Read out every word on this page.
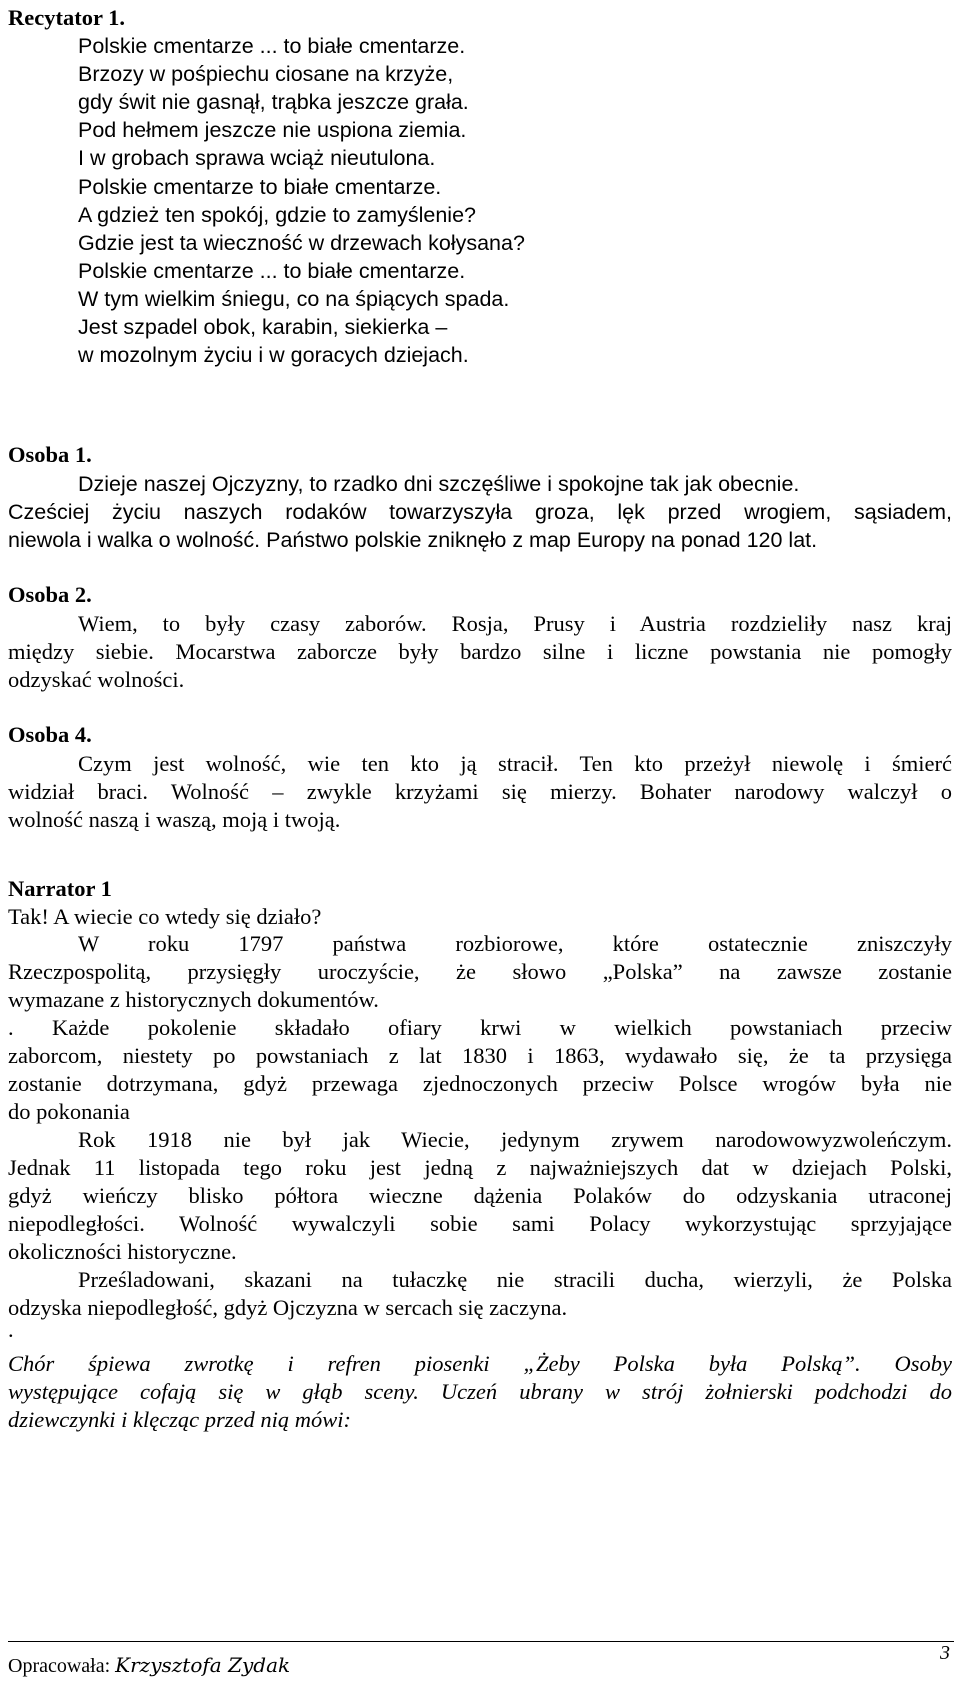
Recytator 1.
Polskie cmentarze ... to białe cmentarze.
Brzozy w pośpiechu ciosane na krzyże,
gdy świt nie gasnął, trąbka jeszcze grała.
Pod hełmem jeszcze nie uspiona ziemia.
I w grobach sprawa wciąż nieutulona.
Polskie cmentarze to białe cmentarze.
A gdzież ten spokój, gdzie to zamyślenie?
Gdzie jest ta wieczność w drzewach kołysana?
Polskie cmentarze ... to białe cmentarze.
W tym wielkim śniegu, co na śpiących spada.
Jest szpadel obok, karabin, siekierka –
w mozolnym życiu i w goracych dziejach.
Osoba 1.
Dzieje naszej Ojczyzny, to rzadko dni szczęśliwe i spokojne tak jak obecnie.
Cześciej życiu naszych rodaków towarzyszyła groza, lęk przed wrogiem, sąsiadem,
niewola i walka o wolność. Państwo polskie zniknęło z map Europy na ponad 120 lat.
Osoba 2.
Wiem, to były czasy zaborów. Rosja, Prusy i Austria rozdzieliły nasz kraj
między siebie. Mocarstwa zaborcze były bardzo silne i liczne powstania nie pomogły
odzyskać wolności.
Osoba 4.
Czym jest wolność, wie ten kto ją stracił. Ten kto przeżył niewolę i śmierć
widział braci. Wolność – zwykle krzyżami się mierzy. Bohater narodowy walczył o
wolność naszą i waszą, moją i twoją.
Narrator 1
Tak! A wiecie co wtedy się działo?
W roku 1797 państwa rozbiorowe, które ostatecznie zniszczyły
Rzeczpospolitą, przysięgły uroczyście, że słowo „Polska” na zawsze zostanie
wymazane z historycznych dokumentów.
. Każde pokolenie składało ofiary krwi w wielkich powstaniach przeciw
zaborcom, niestety po powstaniach z lat 1830 i 1863, wydawało się, że ta przysięga
zostanie dotrzymana, gdyż przewaga zjednoczonych przeciw Polsce wrogów była nie
do pokonania
Rok 1918 nie był jak Wiecie, jedynym zrywem narodowowyzwoleńczym.
Jednak 11 listopada tego roku jest jedną z najważniejszych dat w dziejach Polski,
gdyż wieńczy blisko półtora wieczne dążenia Polaków do odzyskania utraconej
niepodległości. Wolność wywalczyli sobie sami Polacy wykorzystując sprzyjające
okoliczności historyczne.
Prześladowani, skazani na tułaczkę nie stracili ducha, wierzyli, że Polska
odzyska niepodległość, gdyż Ojczyzna w sercach się zaczyna.
.
Chór śpiewa zwrotkę i refren piosenki „Żeby Polska była Polską”. Osoby
występujące cofają się w głąb sceny. Uczeń ubrany w strój żołnierski podchodzi do
dziewczynki i klęcząc przed nią mówi:
Opracowała: Krzysztofa Zydak	3
